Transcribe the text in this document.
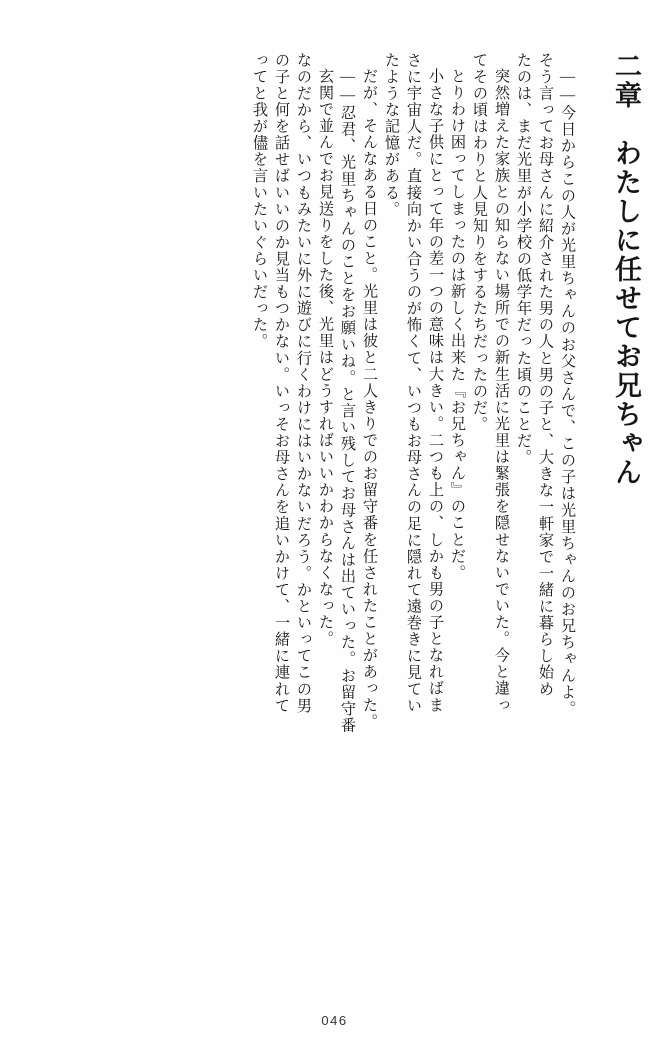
二章　わたしに任せてお兄ちゃん
――今日からこの人が光里ちゃんのお父さんで、この子は光里ちゃんのお兄ちゃんよ。
そう言ってお母さんに紹介された男の人と男の子と、大きな一軒家で一緒に暮らし始め
たのは、まだ光里が小学校の低学年だった頃のことだ。
突然増えた家族との知らない場所での新生活に光里は緊張を隠せないでいた。今と違っ
てその頃はわりと人見知りをするたちだったのだ。
とりわけ困ってしまったのは新しく出来た『お兄ちゃん』のことだ。
小さな子供にとって年の差一つの意味は大きい。二つも上の、しかも男の子となればま
さに宇宙人だ。直接向かい合うのが怖くて、いつもお母さんの足に隠れて遠巻きに見てい
たような記憶がある。
だが、そんなある日のこと。光里は彼と二人きりでのお留守番を任されたことがあった。
――忍君、光里ちゃんのことをお願いね。と言い残してお母さんは出ていった。お留守番
玄関で並んでお見送りをした後、光里はどうすればいいかわからなくなった。
なのだから、いつもみたいに外に遊びに行くわけにはいかないだろう。かといってこの男
の子と何を話せばいいのか見当もつかない。いっそお母さんを追いかけて、一緒に連れて
ってと我が儘を言いたいぐらいだった。
046
